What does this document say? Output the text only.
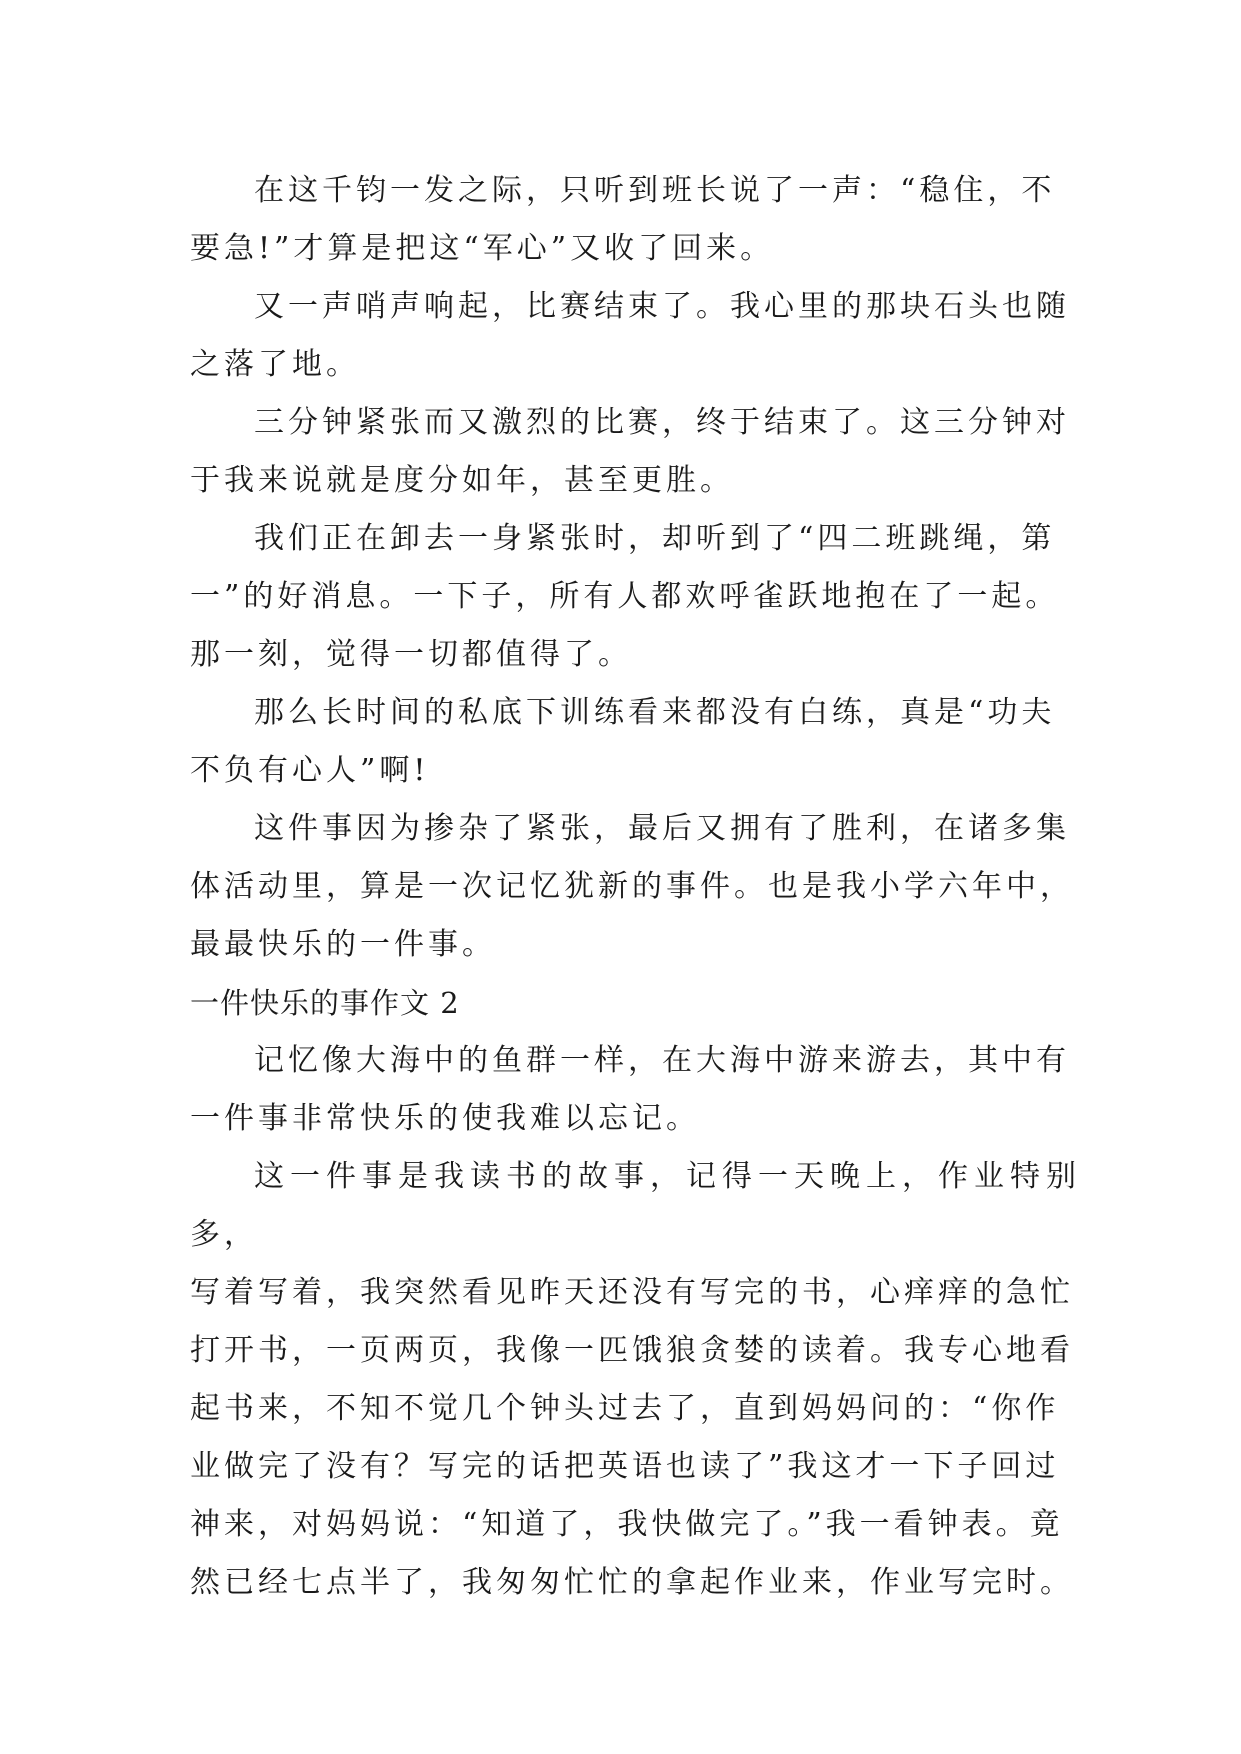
在这千钧一发之际，只听到班长说了一声：“稳住，不
要急!”才算是把这“军心”又收了回来。

又一声哨声响起，比赛结束了。我心里的那块石头也随
之落了地。

三分钟紧张而又激烈的比赛，终于结束了。这三分钟对
于我来说就是度分如年，甚至更胜。

我们正在卸去一身紧张时，却听到了“四二班跳绳，第
一”的好消息。一下子，所有人都欢呼雀跃地抱在了一起。
那一刻，觉得一切都值得了。

那么长时间的私底下训练看来都没有白练，真是“功夫
不负有心人”啊!

这件事因为掺杂了紧张，最后又拥有了胜利，在诸多集
体活动里，算是一次记忆犹新的事件。也是我小学六年中，
最最快乐的一件事。

一件快乐的事作文 2

记忆像大海中的鱼群一样，在大海中游来游去，其中有
一件事非常快乐的使我难以忘记。

这一件事是我读书的故事，记得一天晚上，作业特别多，
写着写着，我突然看见昨天还没有写完的书，心痒痒的急忙
打开书，一页两页，我像一匹饿狼贪婪的读着。我专心地看
起书来，不知不觉几个钟头过去了，直到妈妈问的：“你作
业做完了没有？写完的话把英语也读了”我这才一下子回过
神来，对妈妈说：“知道了，我快做完了。”我一看钟表。竟
然已经七点半了，我匆匆忙忙的拿起作业来，作业写完时。
